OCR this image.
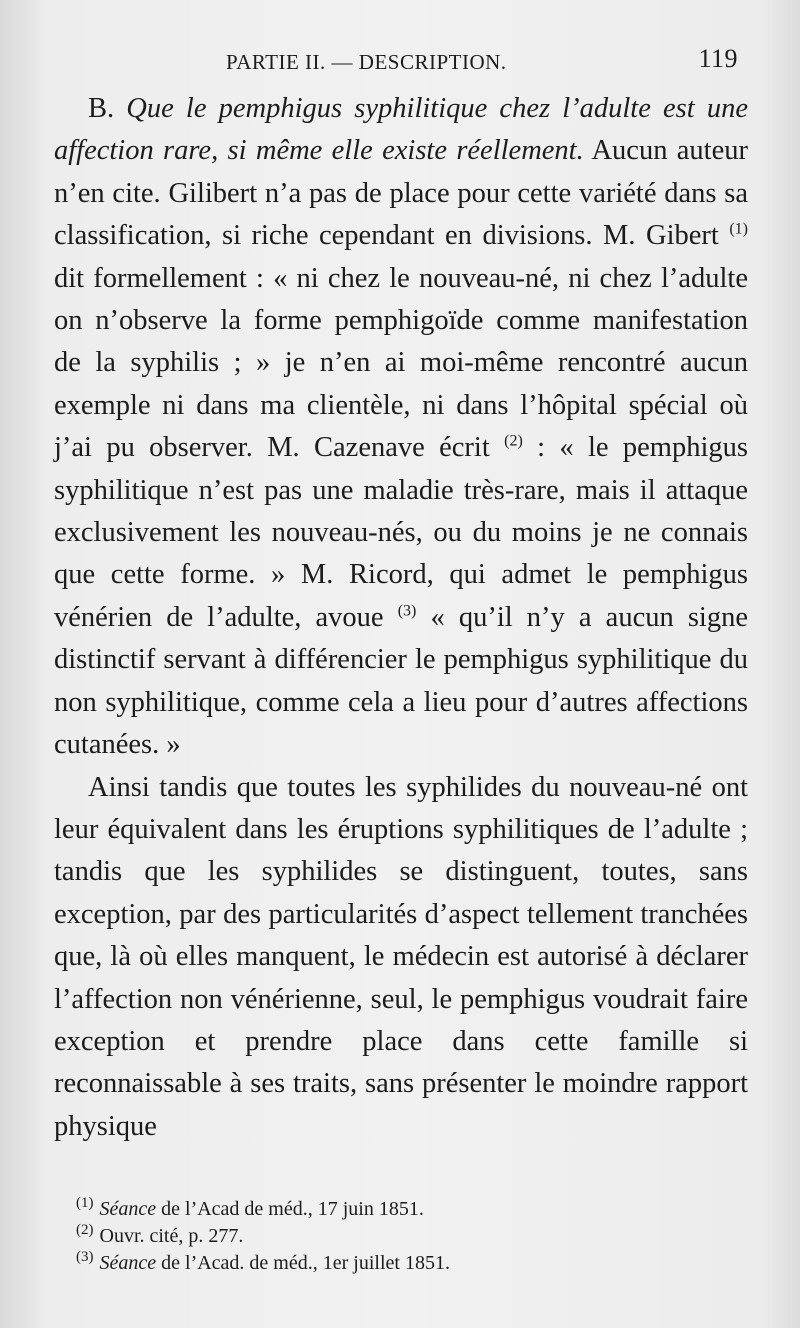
PARTIE II. — DESCRIPTION.	119

B. Que le pemphigus syphilitique chez l’adulte est une affection rare, si même elle existe réellement. Aucun auteur n’en cite. Gilibert n’a pas de place pour cette variété dans sa classification, si riche cependant en divisions. M. Gibert $^{(1)}$ dit formellement : « ni chez le nouveau-né, ni chez l’adulte on n’observe la forme pemphigoïde comme manifestation de la syphilis ; » je n’en ai moi-même rencontré aucun exemple ni dans ma clientèle, ni dans l’hôpital spécial où j’ai pu observer. M. Cazenave écrit $^{(2)}$ : « le pemphigus syphilitique n’est pas une maladie très-rare, mais il attaque exclusivement les nouveau-nés, ou du moins je ne connais que cette forme. » M. Ricord, qui admet le pemphigus vénérien de l’adulte, avoue $^{(3)}$ « qu’il n’y a aucun signe distinctif servant à différencier le pemphigus syphilitique du non syphilitique, comme cela a lieu pour d’autres affections cutanées. »

Ainsi tandis que toutes les syphilides du nouveau-né ont leur équivalent dans les éruptions syphilitiques de l’adulte ; tandis que les syphilides se distinguent, toutes, sans exception, par des particularités d’aspect tellement tranchées que, là où elles manquent, le médecin est autorisé à déclarer l’affection non vénérienne, seul, le pemphigus voudrait faire exception et prendre place dans cette famille si reconnaissable à ses traits, sans présenter le moindre rapport physique

$^{(1)}$ Séance de l’Acad de méd., 17 juin 1851.
$^{(2)}$ Ouvr. cité, p. 277.
$^{(3)}$ Séance de l’Acad. de méd., 1er juillet 1851.
